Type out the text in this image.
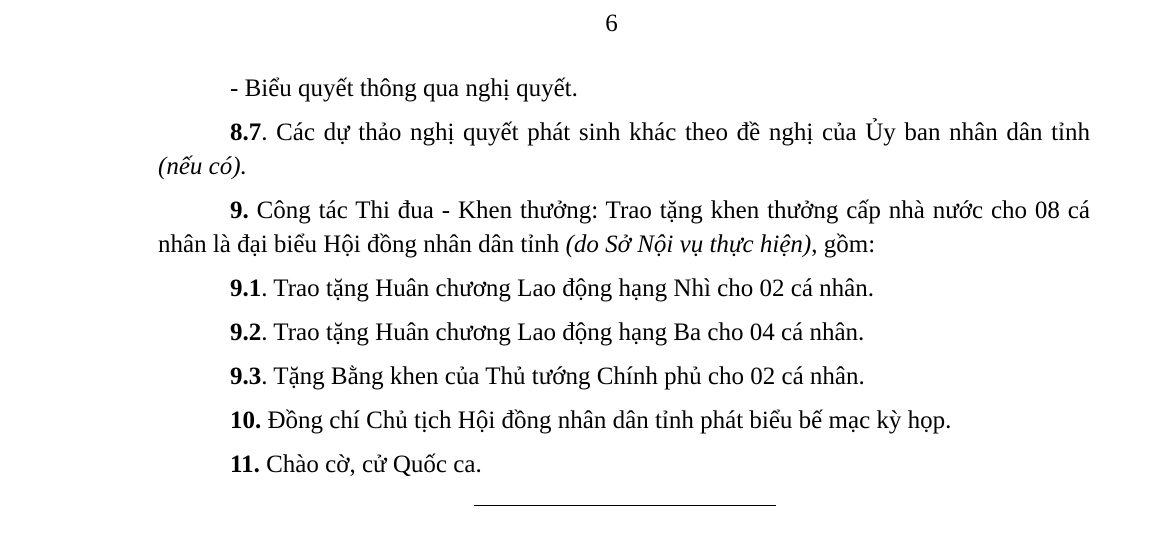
6

- Biểu quyết thông qua nghị quyết.

8.7. Các dự thảo nghị quyết phát sinh khác theo đề nghị của Ủy ban nhân dân tỉnh (nếu có).

9. Công tác Thi đua - Khen thưởng: Trao tặng khen thưởng cấp nhà nước cho 08 cá nhân là đại biểu Hội đồng nhân dân tỉnh (do Sở Nội vụ thực hiện), gồm:

9.1. Trao tặng Huân chương Lao động hạng Nhì cho 02 cá nhân.

9.2. Trao tặng Huân chương Lao động hạng Ba cho 04 cá nhân.

9.3. Tặng Bằng khen của Thủ tướng Chính phủ cho 02 cá nhân.

10. Đồng chí Chủ tịch Hội đồng nhân dân tỉnh phát biểu bế mạc kỳ họp.

11. Chào cờ, cử Quốc ca.
